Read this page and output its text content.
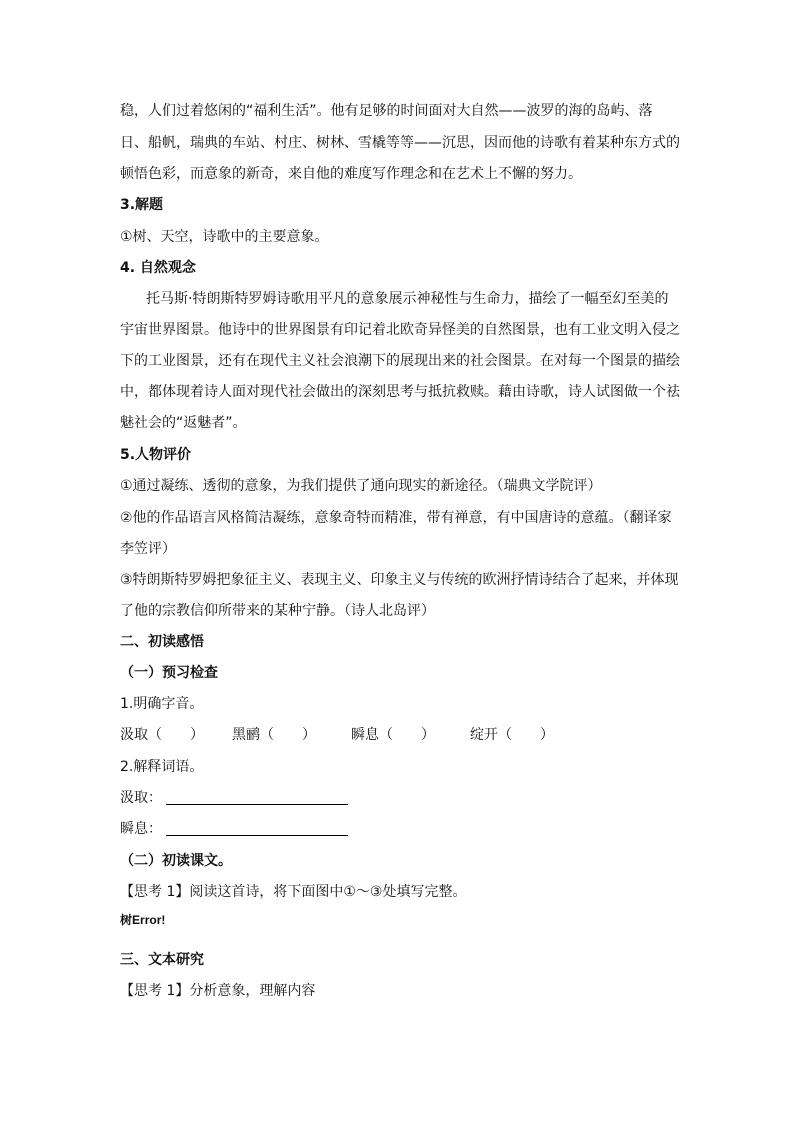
稳，人们过着悠闲的“福利生活”。他有足够的时间面对大自然——波罗的海的岛屿、落
日、船帆，瑞典的车站、村庄、树林、雪橇等等——沉思，因而他的诗歌有着某种东方式的
顿悟色彩，而意象的新奇，来自他的难度写作理念和在艺术上不懈的努力。
3.解题
①树、天空，诗歌中的主要意象。
4. 自然观念
托马斯·特朗斯特罗姆诗歌用平凡的意象展示神秘性与生命力，描绘了一幅至幻至美的
宇宙世界图景。他诗中的世界图景有印记着北欧奇异怪美的自然图景，也有工业文明入侵之
下的工业图景，还有在现代主义社会浪潮下的展现出来的社会图景。在对每一个图景的描绘
中，都体现着诗人面对现代社会做出的深刻思考与抵抗救赎。藉由诗歌，诗人试图做一个祛
魅社会的“返魅者”。
5.人物评价
①通过凝练、透彻的意象，为我们提供了通向现实的新途径。（瑞典文学院评）
②他的作品语言风格简洁凝练，意象奇特而精准，带有禅意，有中国唐诗的意蕴。（翻译家
李笠评）
③特朗斯特罗姆把象征主义、表现主义、印象主义与传统的欧洲抒情诗结合了起来，并体现
了他的宗教信仰所带来的某种宁静。（诗人北岛评）
二、初读感悟
（一）预习检查
1.明确字音。
汲取（　　） 黑鹂（　　）	瞬息（　　）	绽开（　　）
2.解释词语。
汲取：
瞬息：
（二）初读课文。
【思考 1】阅读这首诗，将下面图中①～③处填写完整。
树Error!
三、文本研究
【思考 1】分析意象，理解内容
